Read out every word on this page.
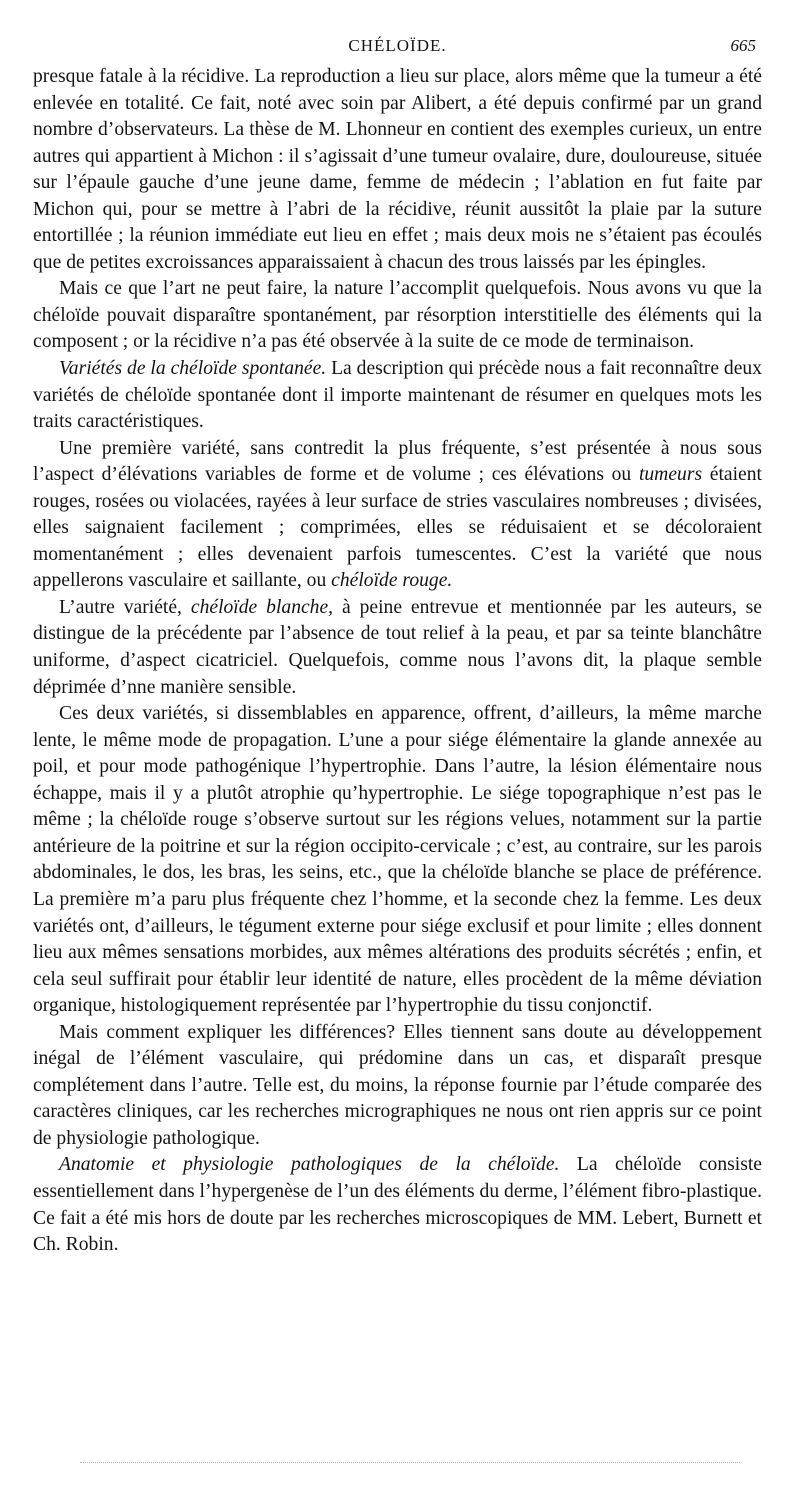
CHÉLOÏDE.	665

presque fatale à la récidive. La reproduction a lieu sur place, alors même que la tumeur a été enlevée en totalité. Ce fait, noté avec soin par Alibert, a été depuis confirmé par un grand nombre d’observateurs. La thèse de M. Lhonneur en contient des exemples curieux, un entre autres qui appartient à Michon : il s’agissait d’une tumeur ovalaire, dure, douloureuse, située sur l’épaule gauche d’une jeune dame, femme de médecin ; l’ablation en fut faite par Michon qui, pour se mettre à l’abri de la récidive, réunit aussitôt la plaie par la suture entortillée ; la réunion immédiate eut lieu en effet ; mais deux mois ne s’étaient pas écoulés que de petites excroissances apparaissaient à chacun des trous laissés par les épingles.

Mais ce que l’art ne peut faire, la nature l’accomplit quelquefois. Nous avons vu que la chéloïde pouvait disparaître spontanément, par résorption interstitielle des éléments qui la composent ; or la récidive n’a pas été observée à la suite de ce mode de terminaison.

Variétés de la chéloïde spontanée. La description qui précède nous a fait reconnaître deux variétés de chéloïde spontanée dont il importe maintenant de résumer en quelques mots les traits caractéristiques.

Une première variété, sans contredit la plus fréquente, s’est présentée à nous sous l’aspect d’élévations variables de forme et de volume ; ces élévations ou tumeurs étaient rouges, rosées ou violacées, rayées à leur surface de stries vasculaires nombreuses ; divisées, elles saignaient facilement ; comprimées, elles se réduisaient et se décoloraient momentanément ; elles devenaient parfois tumescentes. C’est la variété que nous appellerons vasculaire et saillante, ou chéloïde rouge.

L’autre variété, chéloïde blanche, à peine entrevue et mentionnée par les auteurs, se distingue de la précédente par l’absence de tout relief à la peau, et par sa teinte blanchâtre uniforme, d’aspect cicatriciel. Quelquefois, comme nous l’avons dit, la plaque semble déprimée d’nne manière sensible.

Ces deux variétés, si dissemblables en apparence, offrent, d’ailleurs, la même marche lente, le même mode de propagation. L’une a pour siége élémentaire la glande annexée au poil, et pour mode pathogénique l’hypertrophie. Dans l’autre, la lésion élémentaire nous échappe, mais il y a plutôt atrophie qu’hypertrophie. Le siége topographique n’est pas le même ; la chéloïde rouge s’observe surtout sur les régions velues, notamment sur la partie antérieure de la poitrine et sur la région occipito-cervicale ; c’est, au contraire, sur les parois abdominales, le dos, les bras, les seins, etc., que la chéloïde blanche se place de préférence. La première m’a paru plus fréquente chez l’homme, et la seconde chez la femme. Les deux variétés ont, d’ailleurs, le tégument externe pour siége exclusif et pour limite ; elles donnent lieu aux mêmes sensations morbides, aux mêmes altérations des produits sécrétés ; enfin, et cela seul suffirait pour établir leur identité de nature, elles procèdent de la même déviation organique, histologiquement représentée par l’hypertrophie du tissu conjonctif.

Mais comment expliquer les différences? Elles tiennent sans doute au développement inégal de l’élément vasculaire, qui prédomine dans un cas, et disparaît presque complétement dans l’autre. Telle est, du moins, la réponse fournie par l’étude comparée des caractères cliniques, car les recherches micrographiques ne nous ont rien appris sur ce point de physiologie pathologique.

Anatomie et physiologie pathologiques de la chéloïde. La chéloïde consiste essentiellement dans l’hypergenèse de l’un des éléments du derme, l’élément fibro-plastique. Ce fait a été mis hors de doute par les recherches microscopiques de MM. Lebert, Burnett et Ch. Robin.
